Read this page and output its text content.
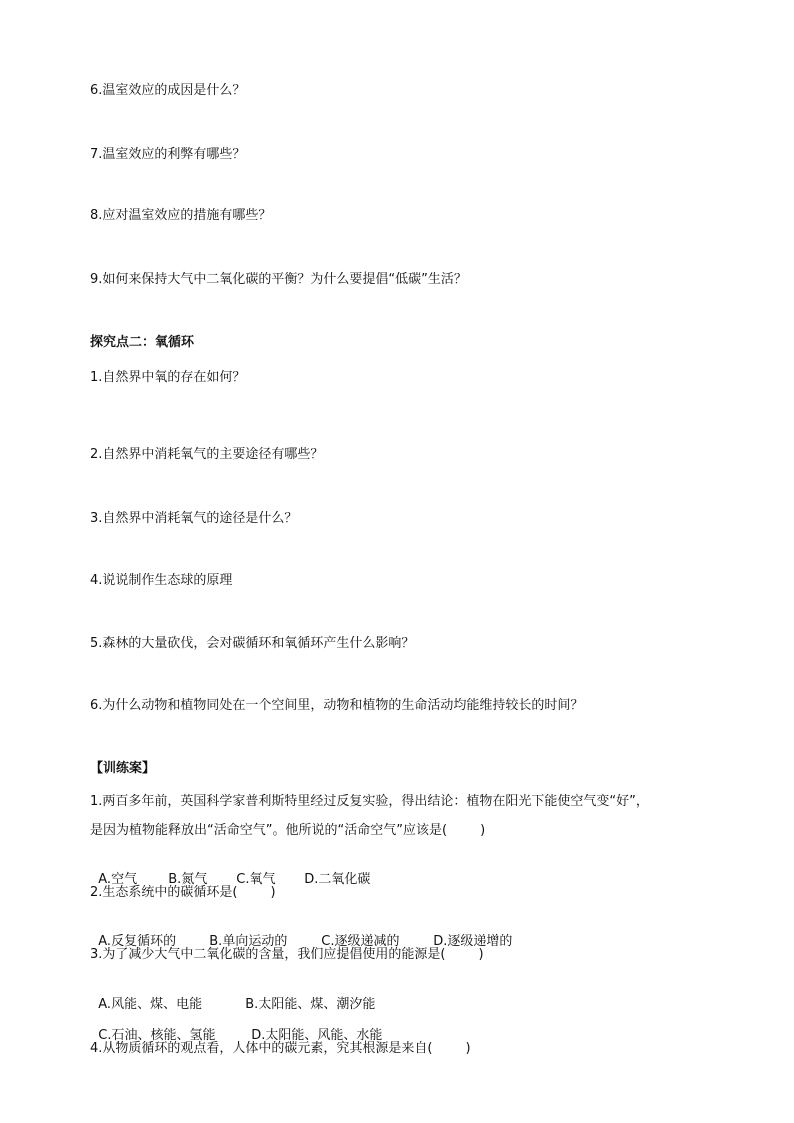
6.温室效应的成因是什么？
7.温室效应的利弊有哪些？
8.应对温室效应的措施有哪些？
9.如何来保持大气中二氧化碳的平衡？为什么要提倡“低碳”生活？
探究点二：氧循环
1.自然界中氧的存在如何？
2.自然界中消耗氧气的主要途径有哪些？
3.自然界中消耗氧气的途径是什么？
4.说说制作生态球的原理
5.森林的大量砍伐，会对碳循环和氧循环产生什么影响？
6.为什么动物和植物同处在一个空间里，动物和植物的生命活动均能维持较长的时间？
【训练案】
1.两百多年前，英国科学家普利斯特里经过反复实验，得出结论：植物在阳光下能使空气变“好”，
是因为植物能释放出“活命空气”。他所说的“活命空气”应该是(        )

A.空气 B.氮气 C.氧气 D.二氧化碳

2.生态系统中的碳循环是(        )

A.反复循环的	B.单向运动的	C.逐级递减的	D.逐级递增的

3.为了减少大气中二氧化碳的含量，我们应提倡使用的能源是(        )

A.风能、煤、电能	B.太阳能、煤、潮汐能

C.石油、核能、氢能	D.太阳能、风能、水能

4.从物质循环的观点看，人体中的碳元素，究其根源是来自(        )
